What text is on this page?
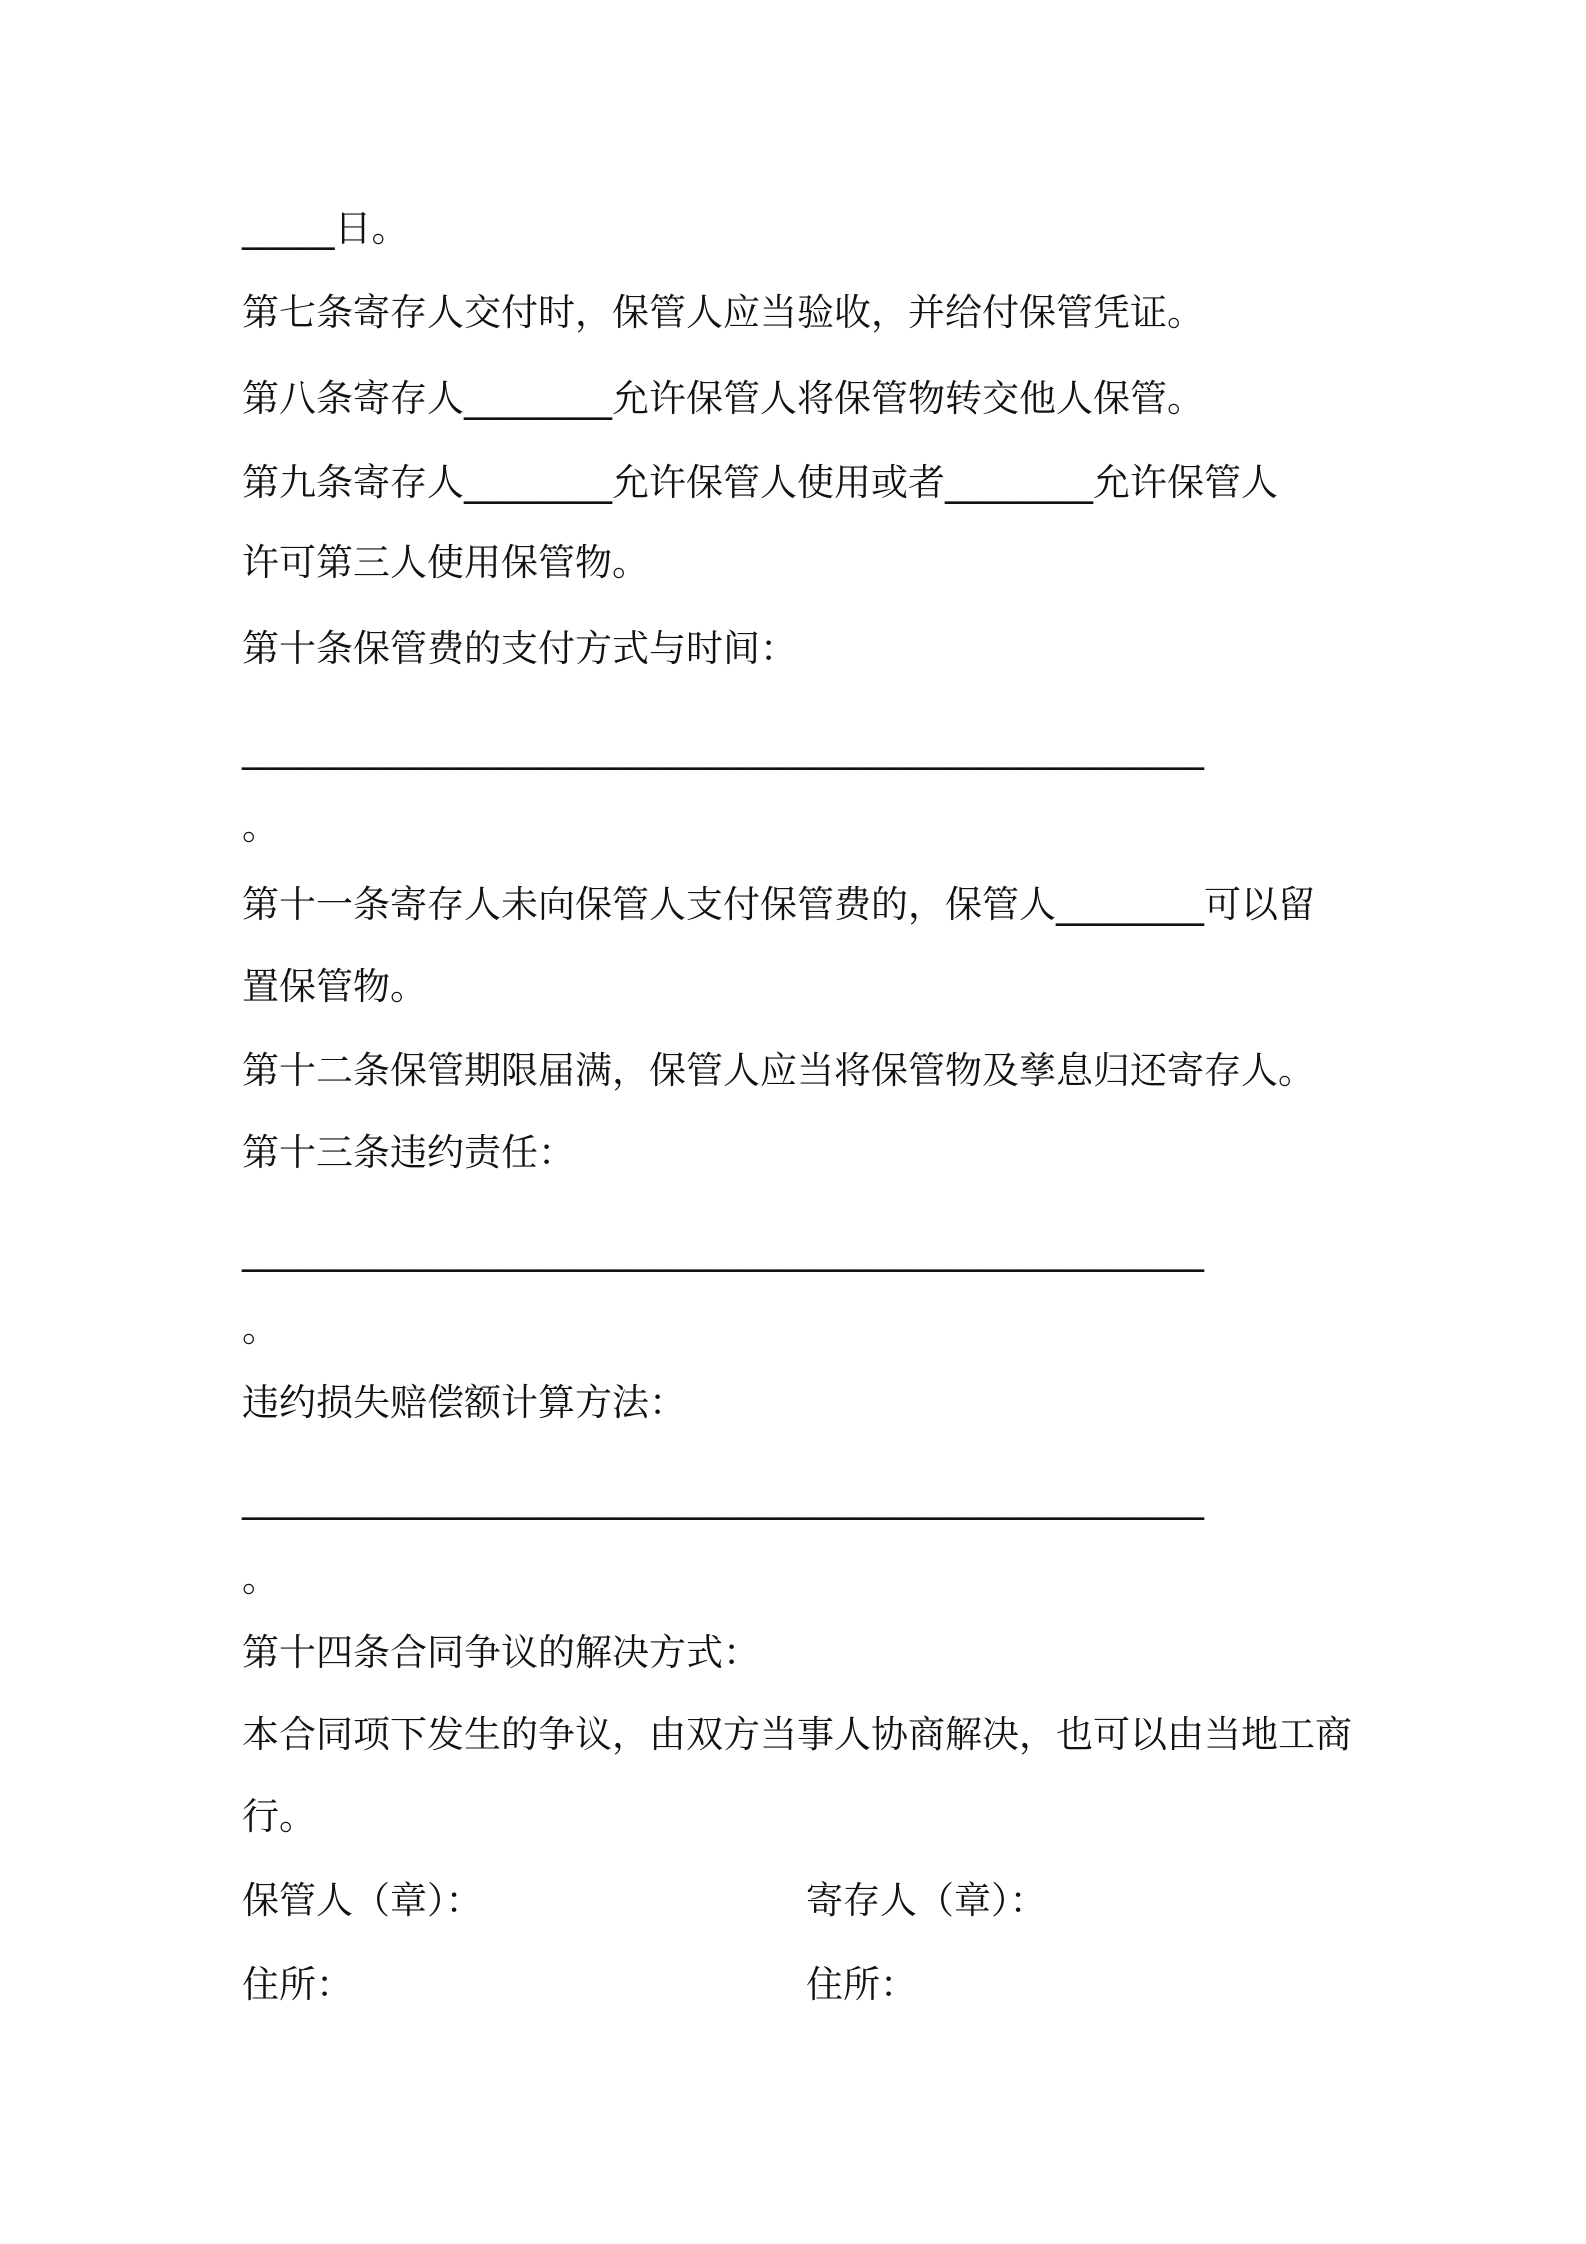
_____日。
第七条寄存人交付时，保管人应当验收，并给付保管凭证。
第八条寄存人________允许保管人将保管物转交他人保管。
第九条寄存人________允许保管人使用或者________允许保管人
许可第三人使用保管物。
第十条保管费的支付方式与时间：
____________________________________________________
。
第十一条寄存人未向保管人支付保管费的，保管人________可以留
置保管物。
第十二条保管期限届满，保管人应当将保管物及孳息归还寄存人。
第十三条违约责任：
____________________________________________________
。
违约损失赔偿额计算方法：
____________________________________________________
。
第十四条合同争议的解决方式：
本合同项下发生的争议，由双方当事人协商解决，也可以由当地工商
行。
保管人（章）：	寄存人（章）：
住所：	住所：
